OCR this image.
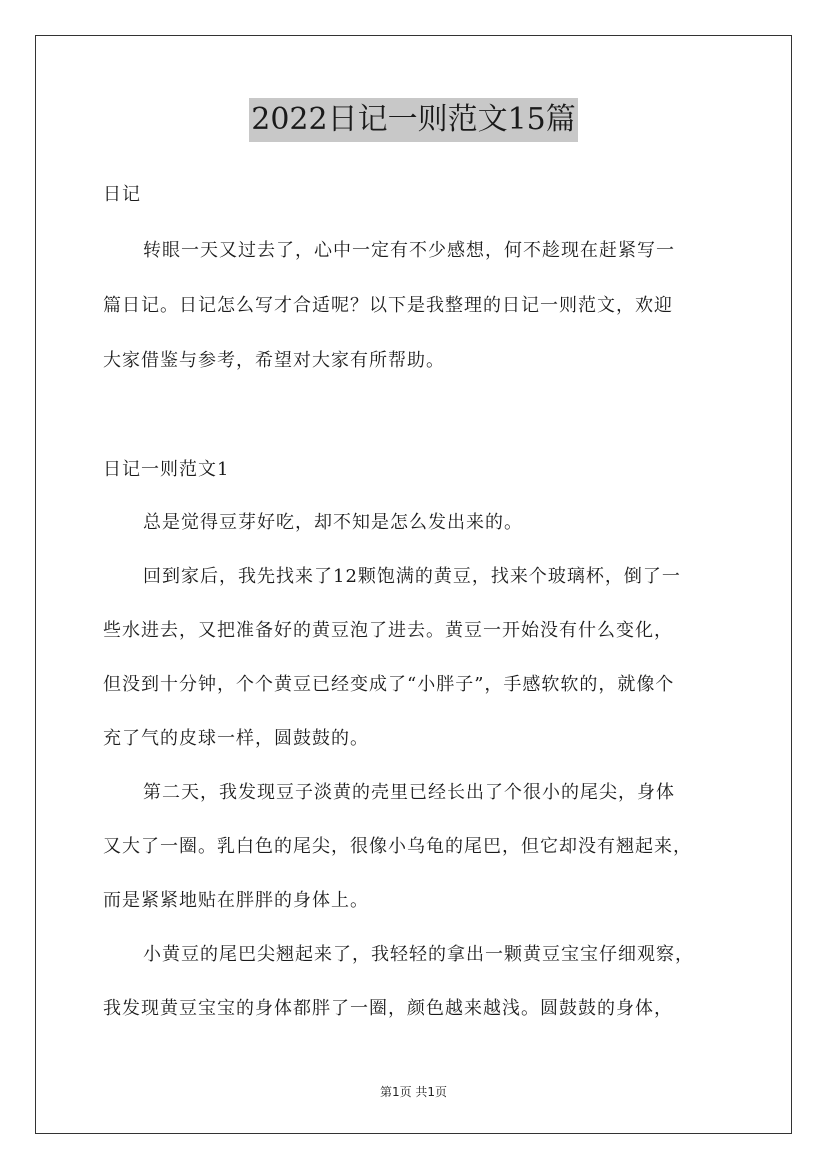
2022日记一则范文15篇
日记
转眼一天又过去了，心中一定有不少感想，何不趁现在赶紧写一
篇日记。日记怎么写才合适呢？以下是我整理的日记一则范文，欢迎
大家借鉴与参考，希望对大家有所帮助。
日记一则范文1
总是觉得豆芽好吃，却不知是怎么发出来的。
回到家后，我先找来了12颗饱满的黄豆，找来个玻璃杯，倒了一
些水进去，又把准备好的黄豆泡了进去。黄豆一开始没有什么变化，
但没到十分钟，个个黄豆已经变成了“小胖子”，手感软软的，就像个
充了气的皮球一样，圆鼓鼓的。
第二天，我发现豆子淡黄的壳里已经长出了个很小的尾尖，身体
又大了一圈。乳白色的尾尖，很像小乌龟的尾巴，但它却没有翘起来，
而是紧紧地贴在胖胖的身体上。
小黄豆的尾巴尖翘起来了，我轻轻的拿出一颗黄豆宝宝仔细观察，
我发现黄豆宝宝的身体都胖了一圈，颜色越来越浅。圆鼓鼓的身体，
第1页 共1页
